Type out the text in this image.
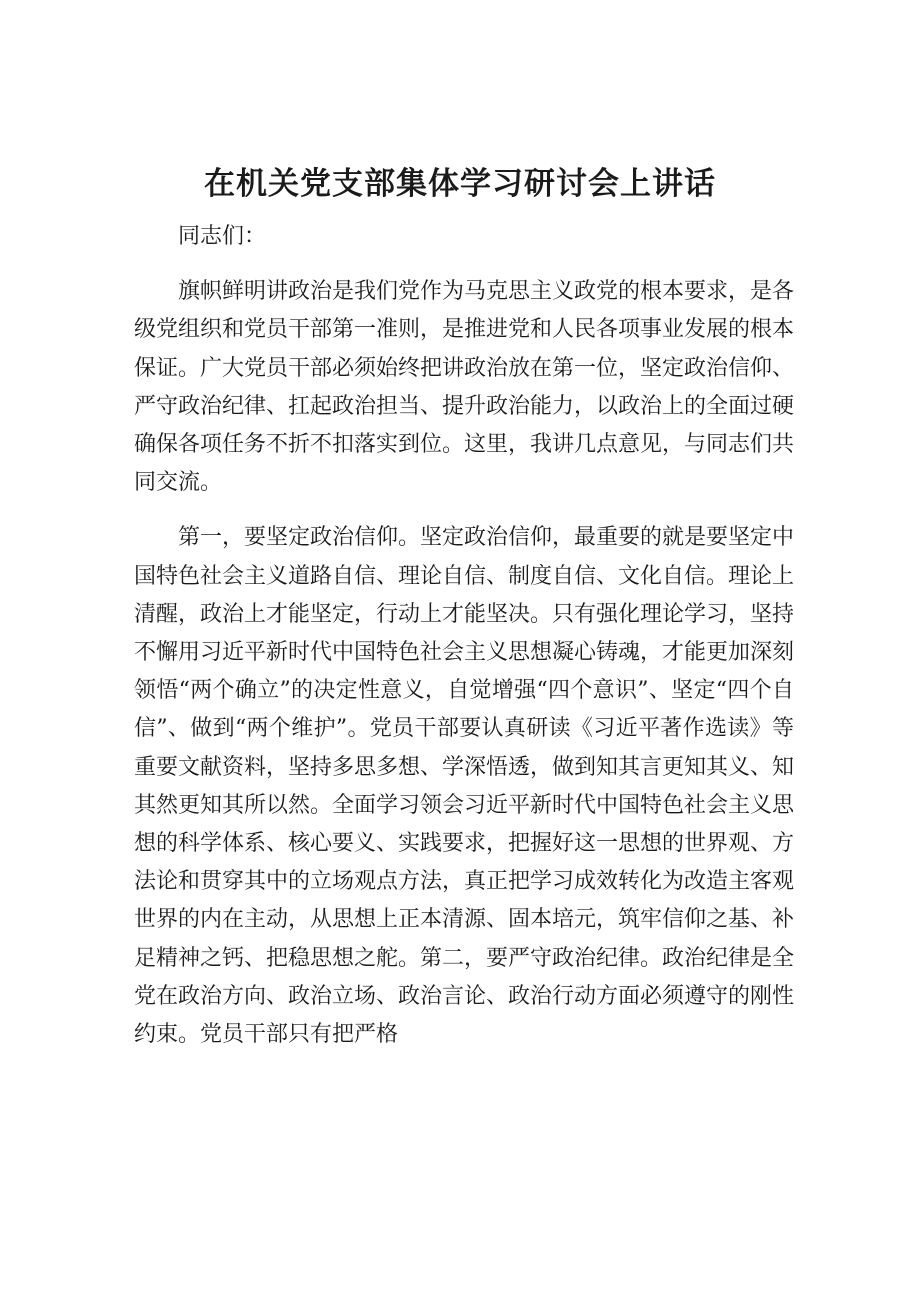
在机关党支部集体学习研讨会上讲话

同志们：

旗帜鲜明讲政治是我们党作为马克思主义政党的根本要求，是各级党组织和党员干部第一准则，是推进党和人民各项事业发展的根本保证。广大党员干部必须始终把讲政治放在第一位，坚定政治信仰、严守政治纪律、扛起政治担当、提升政治能力，以政治上的全面过硬确保各项任务不折不扣落实到位。这里，我讲几点意见，与同志们共同交流。

第一，要坚定政治信仰。坚定政治信仰，最重要的就是要坚定中国特色社会主义道路自信、理论自信、制度自信、文化自信。理论上清醒，政治上才能坚定，行动上才能坚决。只有强化理论学习，坚持不懈用习近平新时代中国特色社会主义思想凝心铸魂，才能更加深刻领悟“两个确立”的决定性意义，自觉增强“四个意识”、坚定“四个自信”、做到“两个维护”。党员干部要认真研读《习近平著作选读》等重要文献资料，坚持多思多想、学深悟透，做到知其言更知其义、知其然更知其所以然。全面学习领会习近平新时代中国特色社会主义思想的科学体系、核心要义、实践要求，把握好这一思想的世界观、方法论和贯穿其中的立场观点方法，真正把学习成效转化为改造主客观世界的内在主动，从思想上正本清源、固本培元，筑牢信仰之基、补足精神之钙、把稳思想之舵。第二，要严守政治纪律。政治纪律是全党在政治方向、政治立场、政治言论、政治行动方面必须遵守的刚性约束。党员干部只有把严格
